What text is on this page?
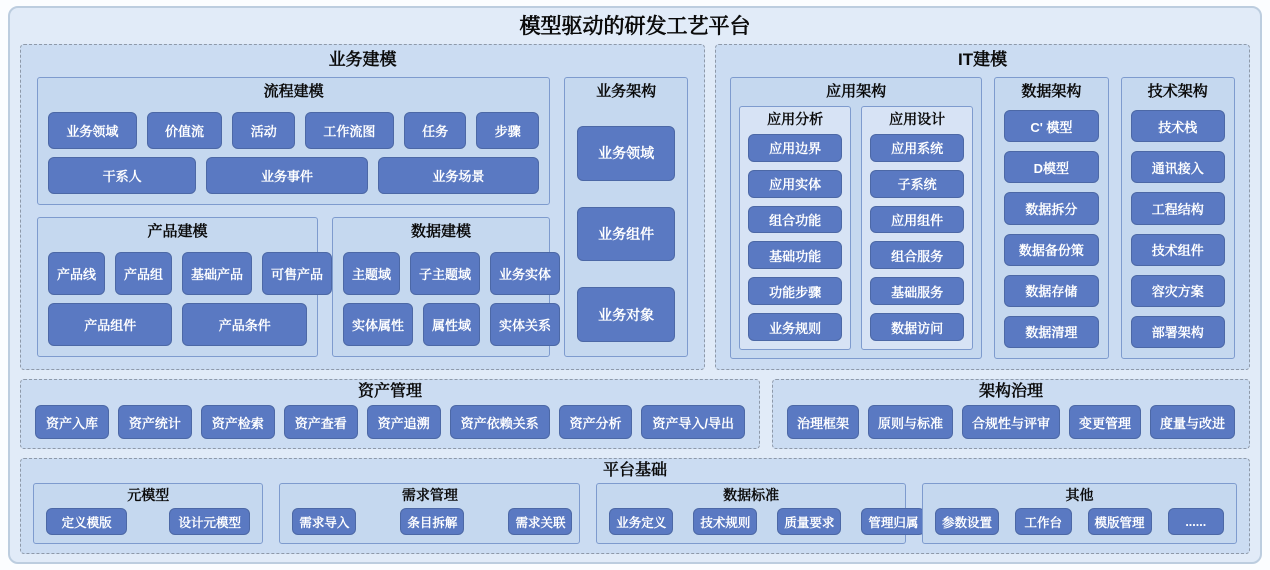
模型驱动的研发工艺平台
业务建模
流程建模
业务领域	价值流	活动	工作流图	任务	步骤
干系人	业务事件	业务场景
产品建模
产品线	产品组	基础产品	可售产品
产品组件	产品条件
数据建模
主题域	子主题域	业务实体
实体属性	属性域	实体关系
业务架构
业务领域
业务组件
业务对象
IT建模
应用架构
应用分析
应用边界
应用实体
组合功能
基础功能
功能步骤
业务规则
应用设计
应用系统
子系统
应用组件
组合服务
基础服务
数据访问
数据架构
C' 模型
D模型
数据拆分
数据备份策
数据存储
数据清理
技术架构
技术栈
通讯接入
工程结构
技术组件
容灾方案
部署架构
资产管理
资产入库	资产统计	资产检索	资产查看	资产追溯	资产依赖关系	资产分析	资产导入/导出
架构治理
治理框架	原则与标准	合规性与评审	变更管理	度量与改进
平台基础
元模型
定义模版	设计元模型
需求管理
需求导入	条目拆解	需求关联
数据标准
业务定义	技术规则	质量要求	管理归属
其他
参数设置	工作台	模版管理	......
